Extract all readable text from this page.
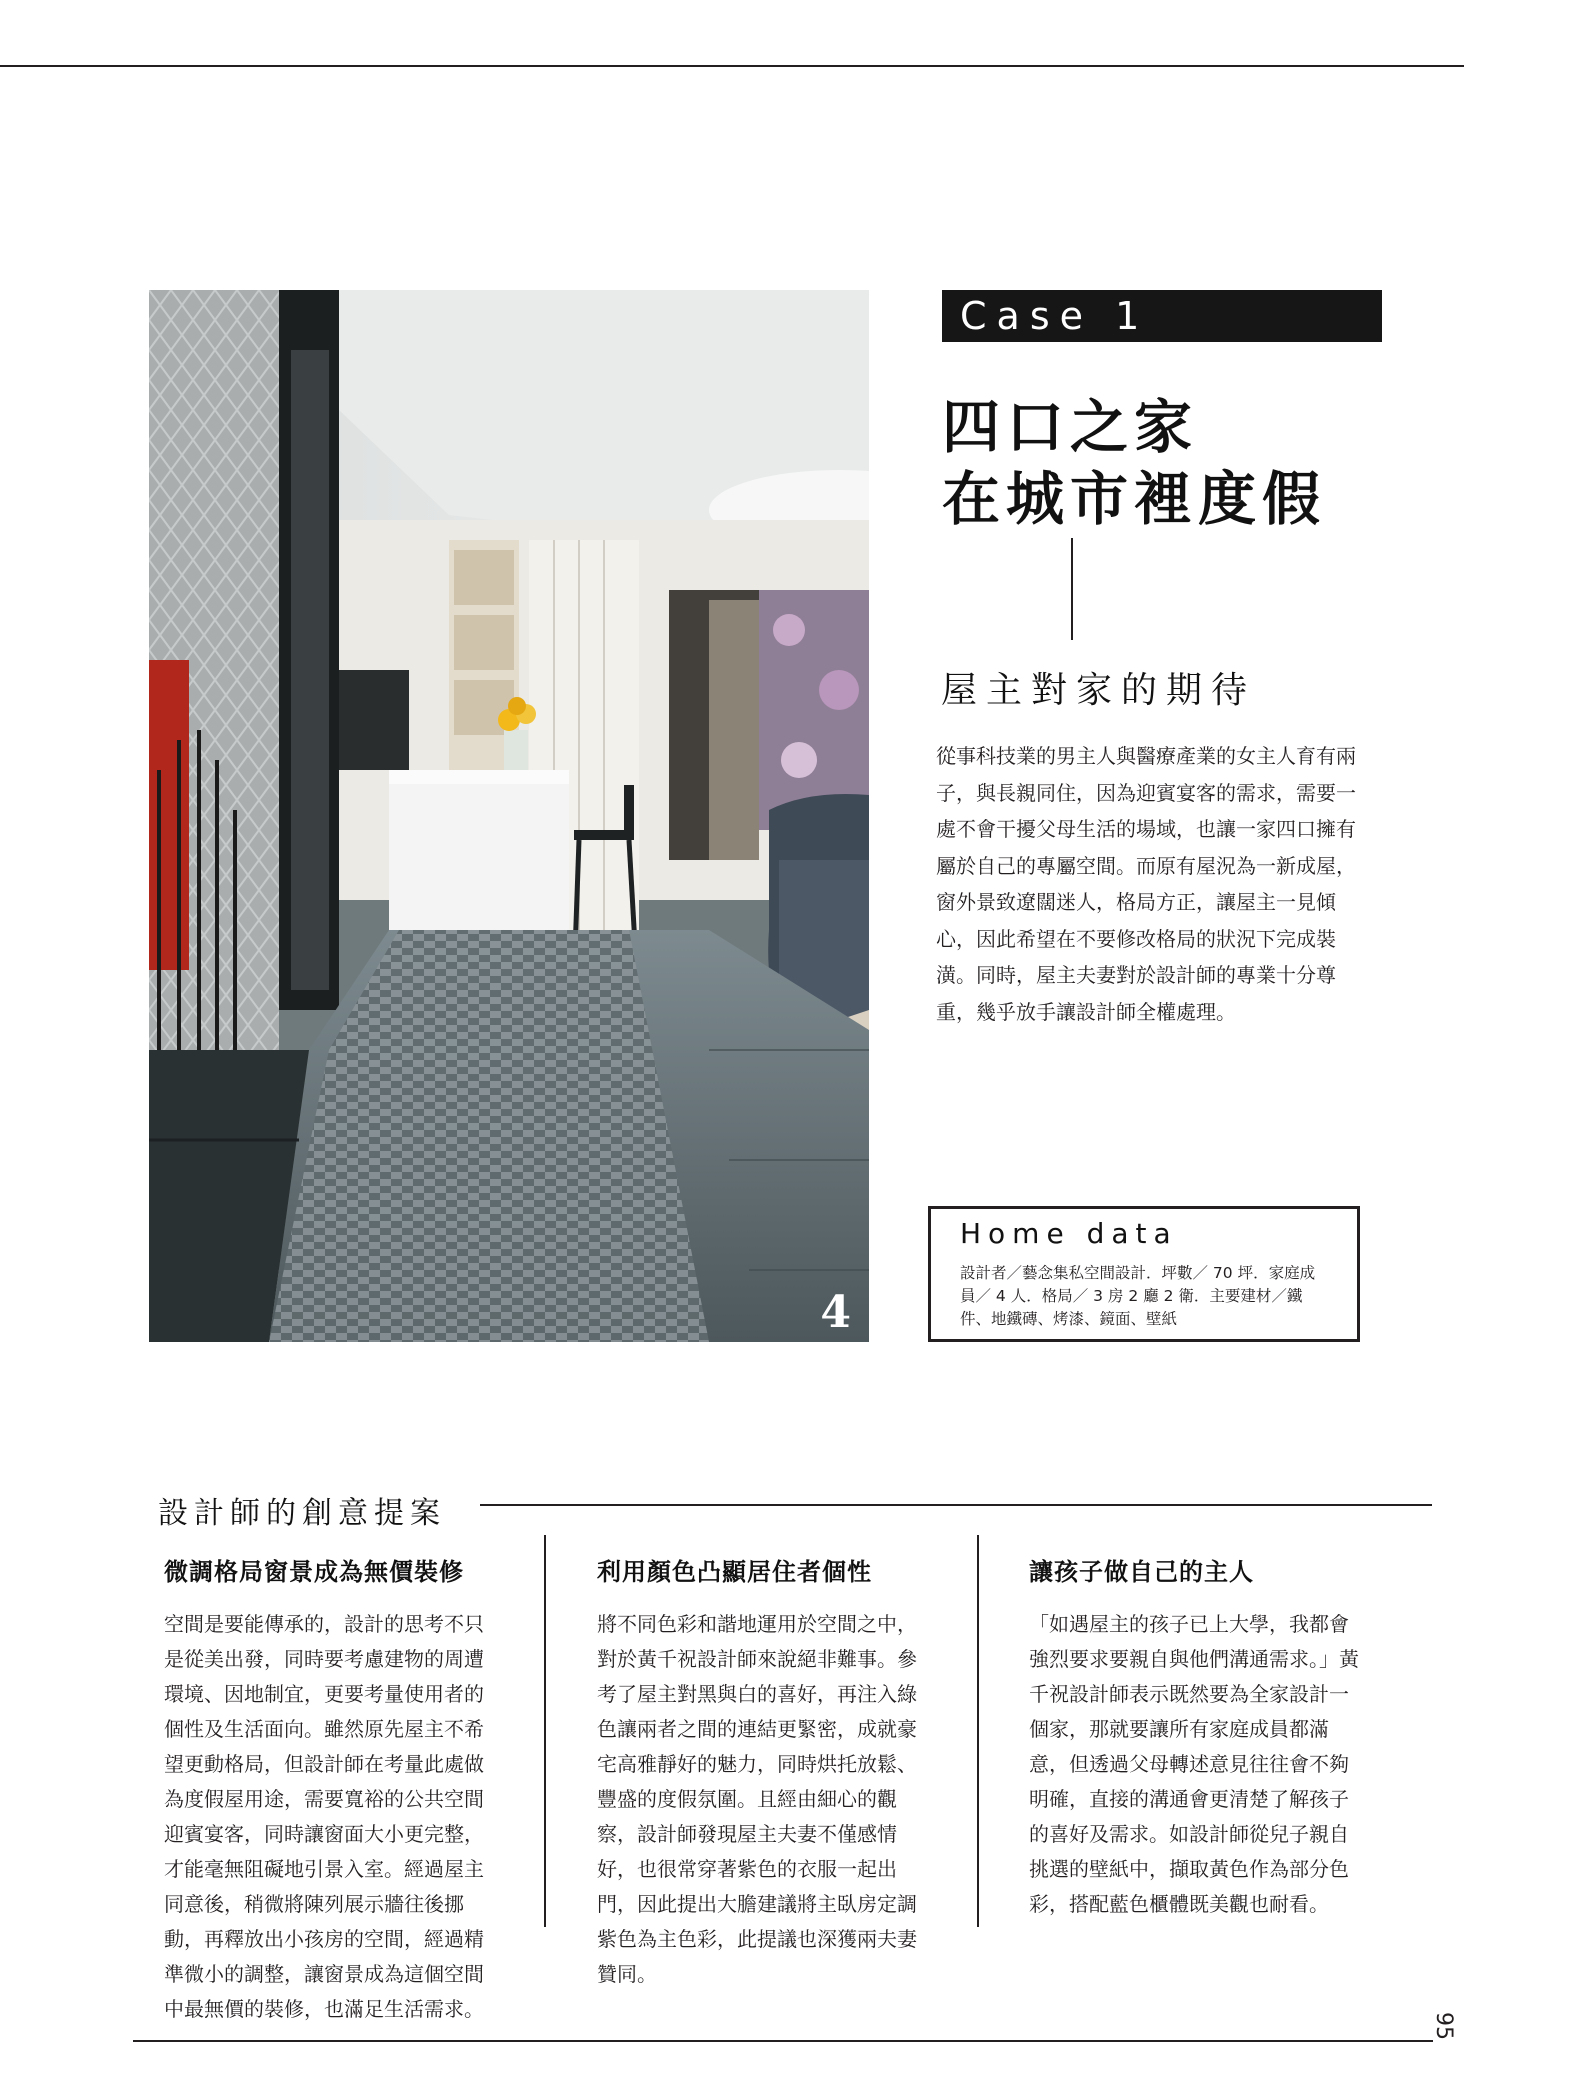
4
Case 1
四口之家
在城市裡度假
屋主對家的期待
從事科技業的男主人與醫療產業的女主人育有兩子，與長親同住，因為迎賓宴客的需求，需要一處不會干擾父母生活的場域，也讓一家四口擁有屬於自己的專屬空間。而原有屋況為一新成屋，窗外景致遼闊迷人，格局方正，讓屋主一見傾心，因此希望在不要修改格局的狀況下完成裝潢。同時，屋主夫妻對於設計師的專業十分尊重，幾乎放手讓設計師全權處理。
Home data
設計者／藝念集私空間設計．坪數／ 70 坪．家庭成員／ 4 人．格局／ 3 房 2 廳 2 衛．主要建材／鐵件、地鐵磚、烤漆、鏡面、壁紙
設計師的創意提案
微調格局窗景成為無價裝修
空間是要能傳承的，設計的思考不只是從美出發，同時要考慮建物的周遭環境、因地制宜，更要考量使用者的個性及生活面向。雖然原先屋主不希望更動格局，但設計師在考量此處做為度假屋用途，需要寬裕的公共空間迎賓宴客，同時讓窗面大小更完整，才能毫無阻礙地引景入室。經過屋主同意後，稍微將陳列展示牆往後挪動，再釋放出小孩房的空間，經過精準微小的調整，讓窗景成為這個空間中最無價的裝修，也滿足生活需求。
利用顏色凸顯居住者個性
將不同色彩和諧地運用於空間之中，對於黃千祝設計師來說絕非難事。參考了屋主對黑與白的喜好，再注入綠色讓兩者之間的連結更緊密，成就豪宅高雅靜好的魅力，同時烘托放鬆、豐盛的度假氛圍。且經由細心的觀察，設計師發現屋主夫妻不僅感情好，也很常穿著紫色的衣服一起出門，因此提出大膽建議將主臥房定調紫色為主色彩，此提議也深獲兩夫妻贊同。
讓孩子做自己的主人
「如遇屋主的孩子已上大學，我都會強烈要求要親自與他們溝通需求。」黃千祝設計師表示既然要為全家設計一個家，那就要讓所有家庭成員都滿意，但透過父母轉述意見往往會不夠明確，直接的溝通會更清楚了解孩子的喜好及需求。如設計師從兒子親自挑選的壁紙中，擷取黃色作為部分色彩，搭配藍色櫃體既美觀也耐看。
95
